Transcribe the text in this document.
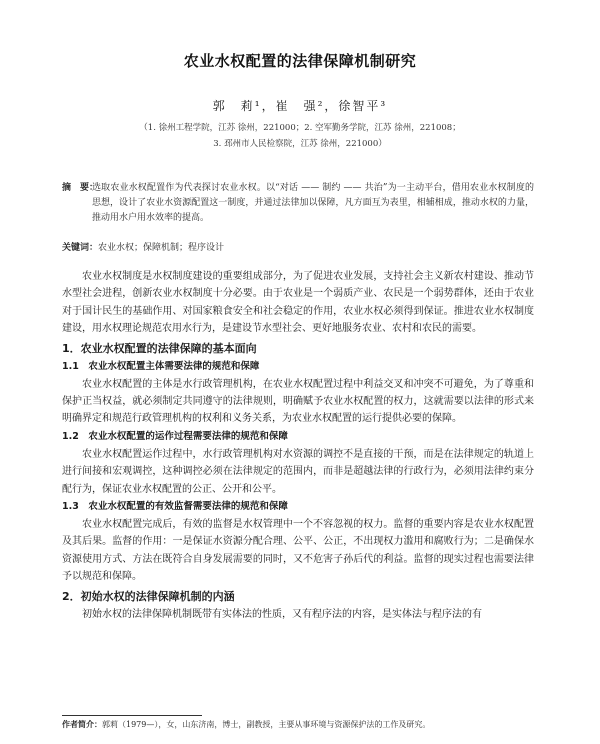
农业水权配置的法律保障机制研究
郭　莉¹，崔　强²，徐智平³
（1. 徐州工程学院，江苏 徐州，221000；2. 空军勤务学院，江苏 徐州，221008；
3. 邳州市人民检察院，江苏 徐州，221000）
摘　要：
选取农业水权配置作为代表探讨农业水权。以“对话 —— 制约 —— 共治”为一主动平台，借用农业水权制度的思想，设计了农业水资源配置这一制度，并通过法律加以保障，凡方面互为表里，相辅相成，推动水权的力量，推动用水户用水效率的提高。
关键词：农业水权；保障机制；程序设计

农业水权制度是水权制度建设的重要组成部分，为了促进农业发展，支持社会主义新农村建设、推动节水型社会进程，创新农业水权制度十分必要。由于农业是一个弱质产业、农民是一个弱势群体，还由于农业对于国计民生的基础作用、对国家粮食安全和社会稳定的作用，农业水权必须得到保证。推进农业水权制度建设，用水权理论规范农用水行为，是建设节水型社会、更好地服务农业、农村和农民的需要。

1．农业水权配置的法律保障的基本面向
1.1　农业水权配置主体需要法律的规范和保障

农业水权配置的主体是水行政管理机构，在农业水权配置过程中利益交叉和冲突不可避免，为了尊重和保护正当权益，就必须制定共同遵守的法律规则，明确赋予农业水权配置的权力，这就需要以法律的形式来明确界定和规范行政管理机构的权利和义务关系，为农业水权配置的运行提供必要的保障。

1.2　农业水权配置的运作过程需要法律的规范和保障

农业水权配置运作过程中，水行政管理机构对水资源的调控不是直接的干预，而是在法律规定的轨道上进行间接和宏观调控，这种调控必须在法律规定的范围内，而非是超越法律的行政行为，必须用法律约束分配行为，保证农业水权配置的公正、公开和公平。

1.3　农业水权配置的有效监督需要法律的规范和保障

农业水权配置完成后，有效的监督是水权管理中一个不容忽视的权力。监督的重要内容是农业水权配置及其后果。监督的作用：一是保证水资源分配合理、公平、公正，不出现权力滥用和腐败行为；二是确保水资源使用方式、方法在既符合自身发展需要的同时，又不危害子孙后代的利益。监督的现实过程也需要法律予以规范和保障。

2．初始水权的法律保障机制的内涵

初始水权的法律保障机制既带有实体法的性质，又有程序法的内容，是实体法与程序法的有

作者简介：郭莉（1979—），女，山东济南，博士，副教授，主要从事环境与资源保护法的工作及研究。
